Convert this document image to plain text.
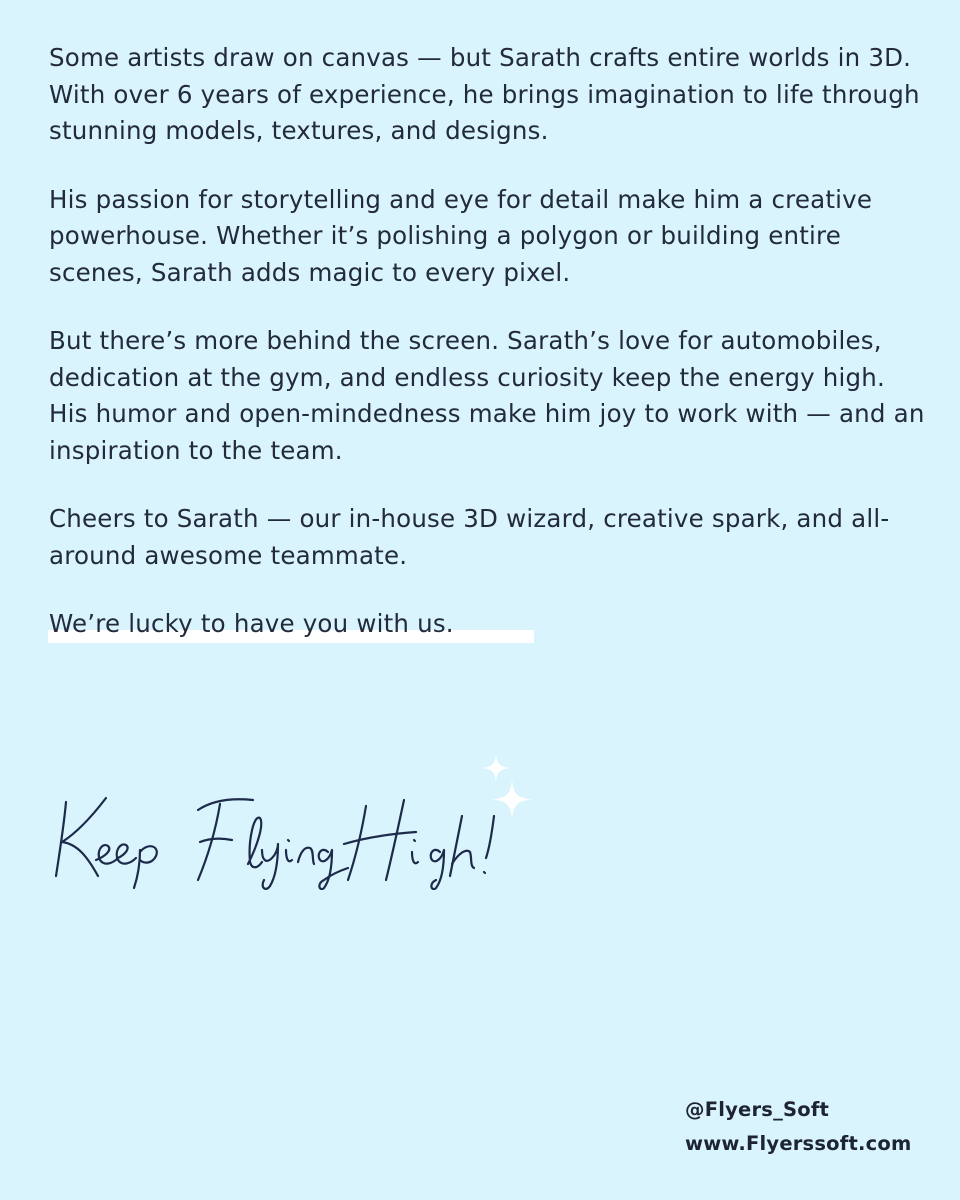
Some artists draw on canvas — but Sarath crafts entire worlds in 3D. With over 6 years of experience, he brings imagination to life through stunning models, textures, and designs.

His passion for storytelling and eye for detail make him a creative powerhouse. Whether it’s polishing a polygon or building entire scenes, Sarath adds magic to every pixel.

But there’s more behind the screen. Sarath’s love for automobiles, dedication at the gym, and endless curiosity keep the energy high. His humor and open-mindedness make him joy to work with — and an inspiration to the team.

Cheers to Sarath — our in-house 3D wizard, creative spark, and all-around awesome teammate.

We’re lucky to have you with us.

@Flyers_Soft
www.Flyerssoft.com
